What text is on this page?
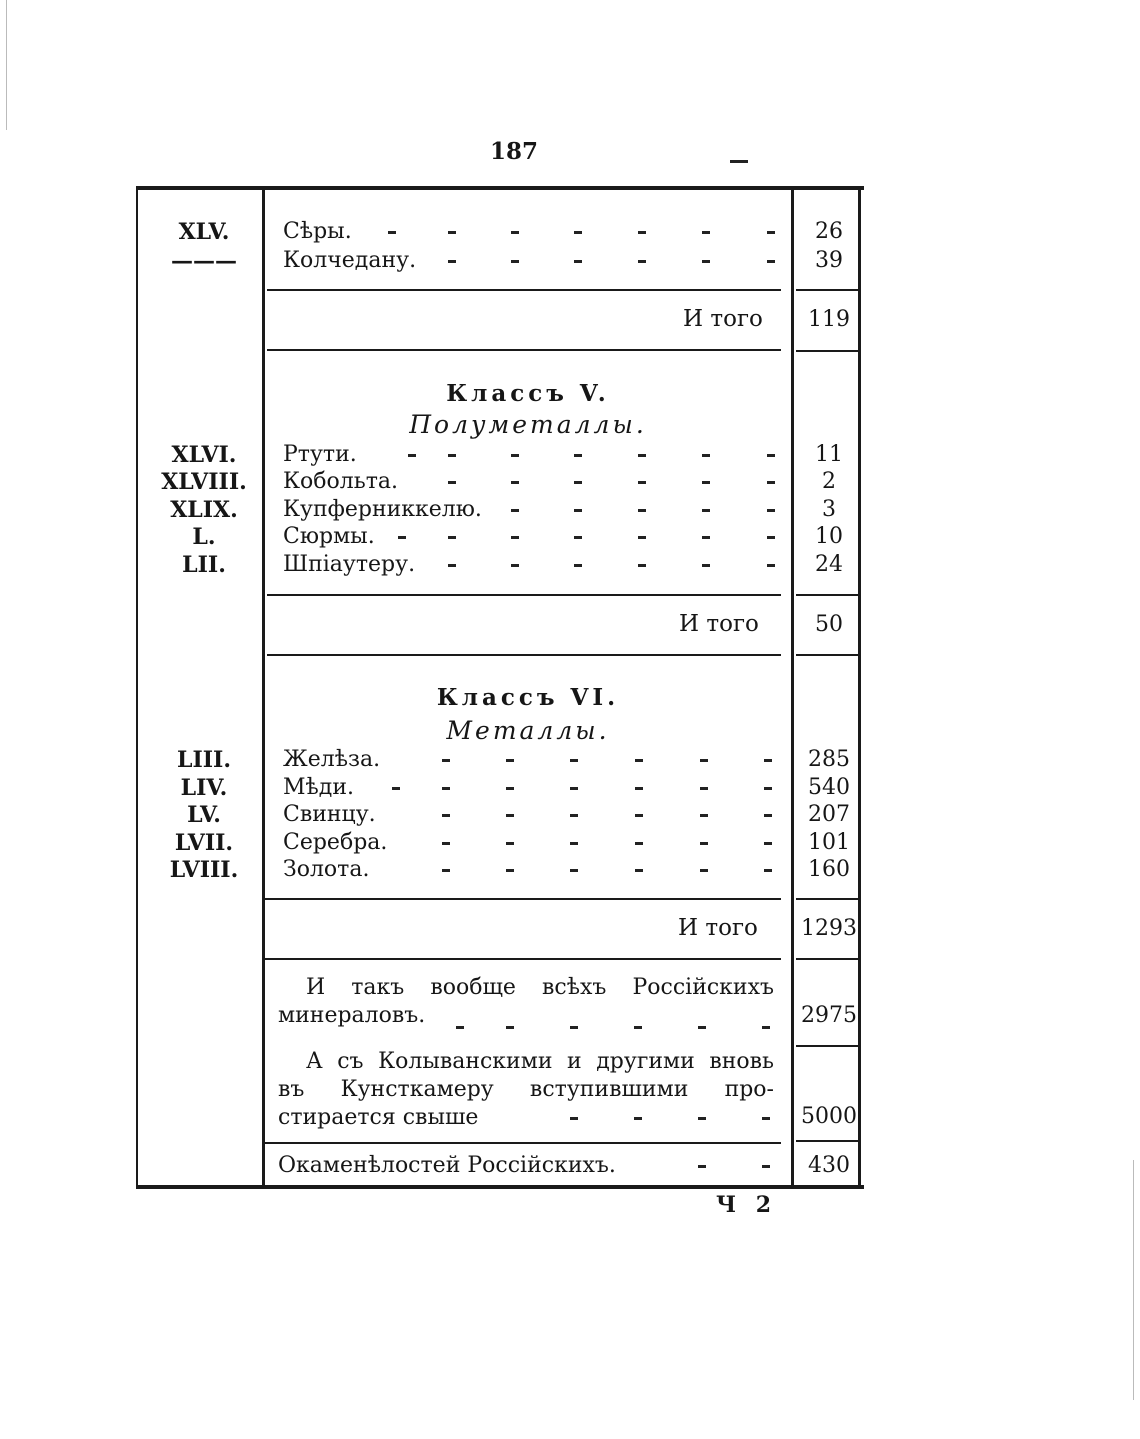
187
XLV.	Сѣры.	26
———	Колчедану.	39
И того	119
Классъ V.
Полуметаллы.
XLVI.	Ртути.	11
XLVIII.	Кобольта.	2
XLIX.	Купферниккелю.	3
L.	Сюрмы.	10
LII.	Шпіаутеру.	24
И того	50
Классъ VI.
Металлы.
LIII.	Желѣза.	285
LIV.	Мѣди.	540
LV.	Свинцу.	207
LVII.	Серебра.	101
LVIII.	Золота.	160
И того 1293
И такъ вообще всѣхъ Россійскихъ
минераловъ.	2975
А съ Колыванскими и другими вновь
въ Кунсткамеру вступившими про-
стирается свыше	5000
Окаменѣлостей Россійскихъ.	430
Ч 2
